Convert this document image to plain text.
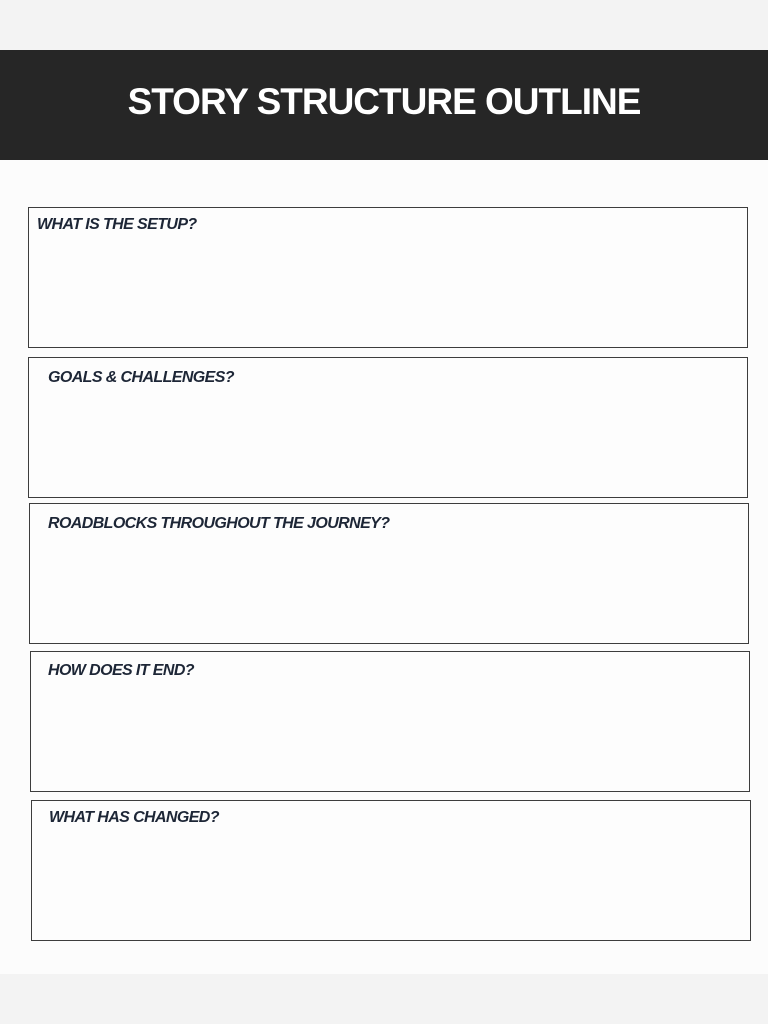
STORY STRUCTURE OUTLINE
WHAT IS THE SETUP?
GOALS & CHALLENGES?
ROADBLOCKS THROUGHOUT THE JOURNEY?
HOW DOES IT END?
WHAT HAS CHANGED?
